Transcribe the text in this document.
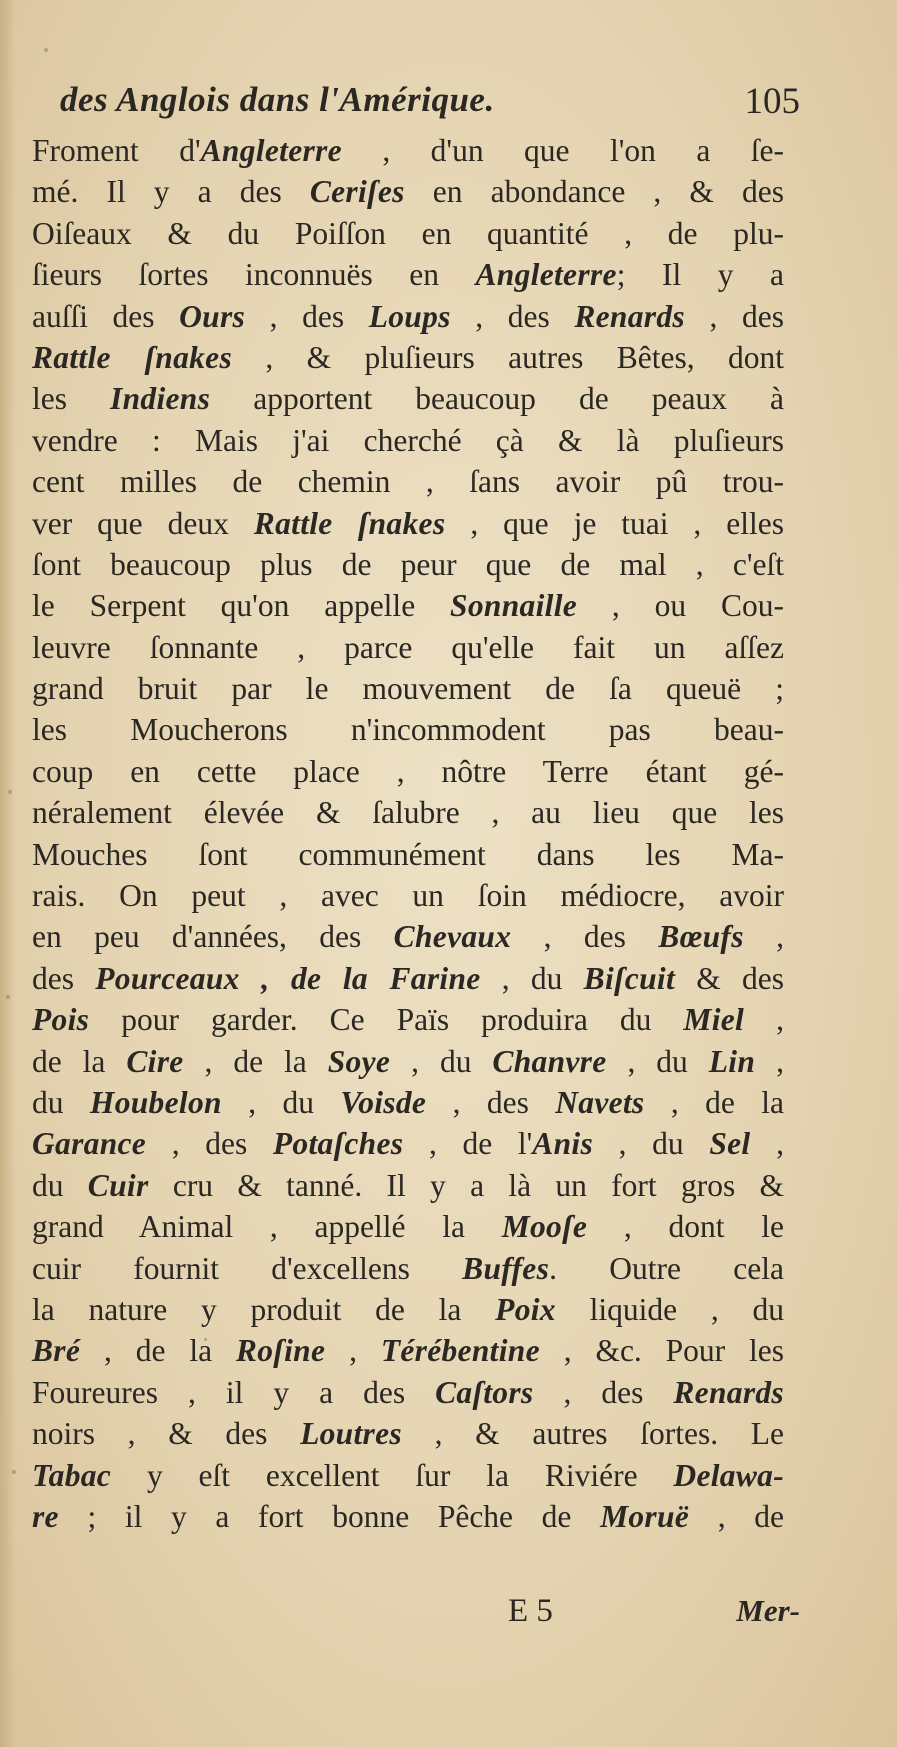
des Anglois dans l'Amérique.	105
Froment d'Angleterre , d'un que l'on a ſe-
mé. Il y a des Ceriſes en abondance , & des
Oiſeaux & du Poiſſon en quantité , de plu-
ſieurs ſortes inconnuës en Angleterre; Il y a
auſſi des Ours , des Loups , des Renards , des
Rattle ſnakes , & pluſieurs autres Bêtes, dont
les Indiens apportent beaucoup de peaux à
vendre : Mais j'ai cherché çà & là pluſieurs
cent milles de chemin , ſans avoir pû trou-
ver que deux Rattle ſnakes , que je tuai , elles
ſont beaucoup plus de peur que de mal , c'eſt
le Serpent qu'on appelle Sonnaille , ou Cou-
leuvre ſonnante , parce qu'elle fait un aſſez
grand bruit par le mouvement de ſa queuë ;
les Moucherons n'incommodent pas beau-
coup en cette place , nôtre Terre étant gé-
néralement élevée & ſalubre , au lieu que les
Mouches ſont communément dans les Ma-
rais. On peut , avec un ſoin médiocre, avoir
en peu d'années, des Chevaux , des Bœufs ,
des Pourceaux , de la Farine , du Biſcuit & des
Pois pour garder. Ce Païs produira du Miel ,
de la Cire , de la Soye , du Chanvre , du Lin ,
du Houbelon , du Voisde , des Navets , de la
Garance , des Potaſches , de l'Anis , du Sel ,
du Cuir cru & tanné. Il y a là un fort gros &
grand Animal , appellé la Mooſe , dont le
cuir fournit d'excellens Buffes. Outre cela
la nature y produit de la Poix liquide , du
Bré , de la Roſine , Térébentine , &c. Pour les
Foureures , il y a des Caſtors , des Renards
noirs , & des Loutres , & autres ſortes. Le
Tabac y eſt excellent ſur la Riviére Delawa-
re ; il y a fort bonne Pêche de Moruë , de
E 5	Mer-
